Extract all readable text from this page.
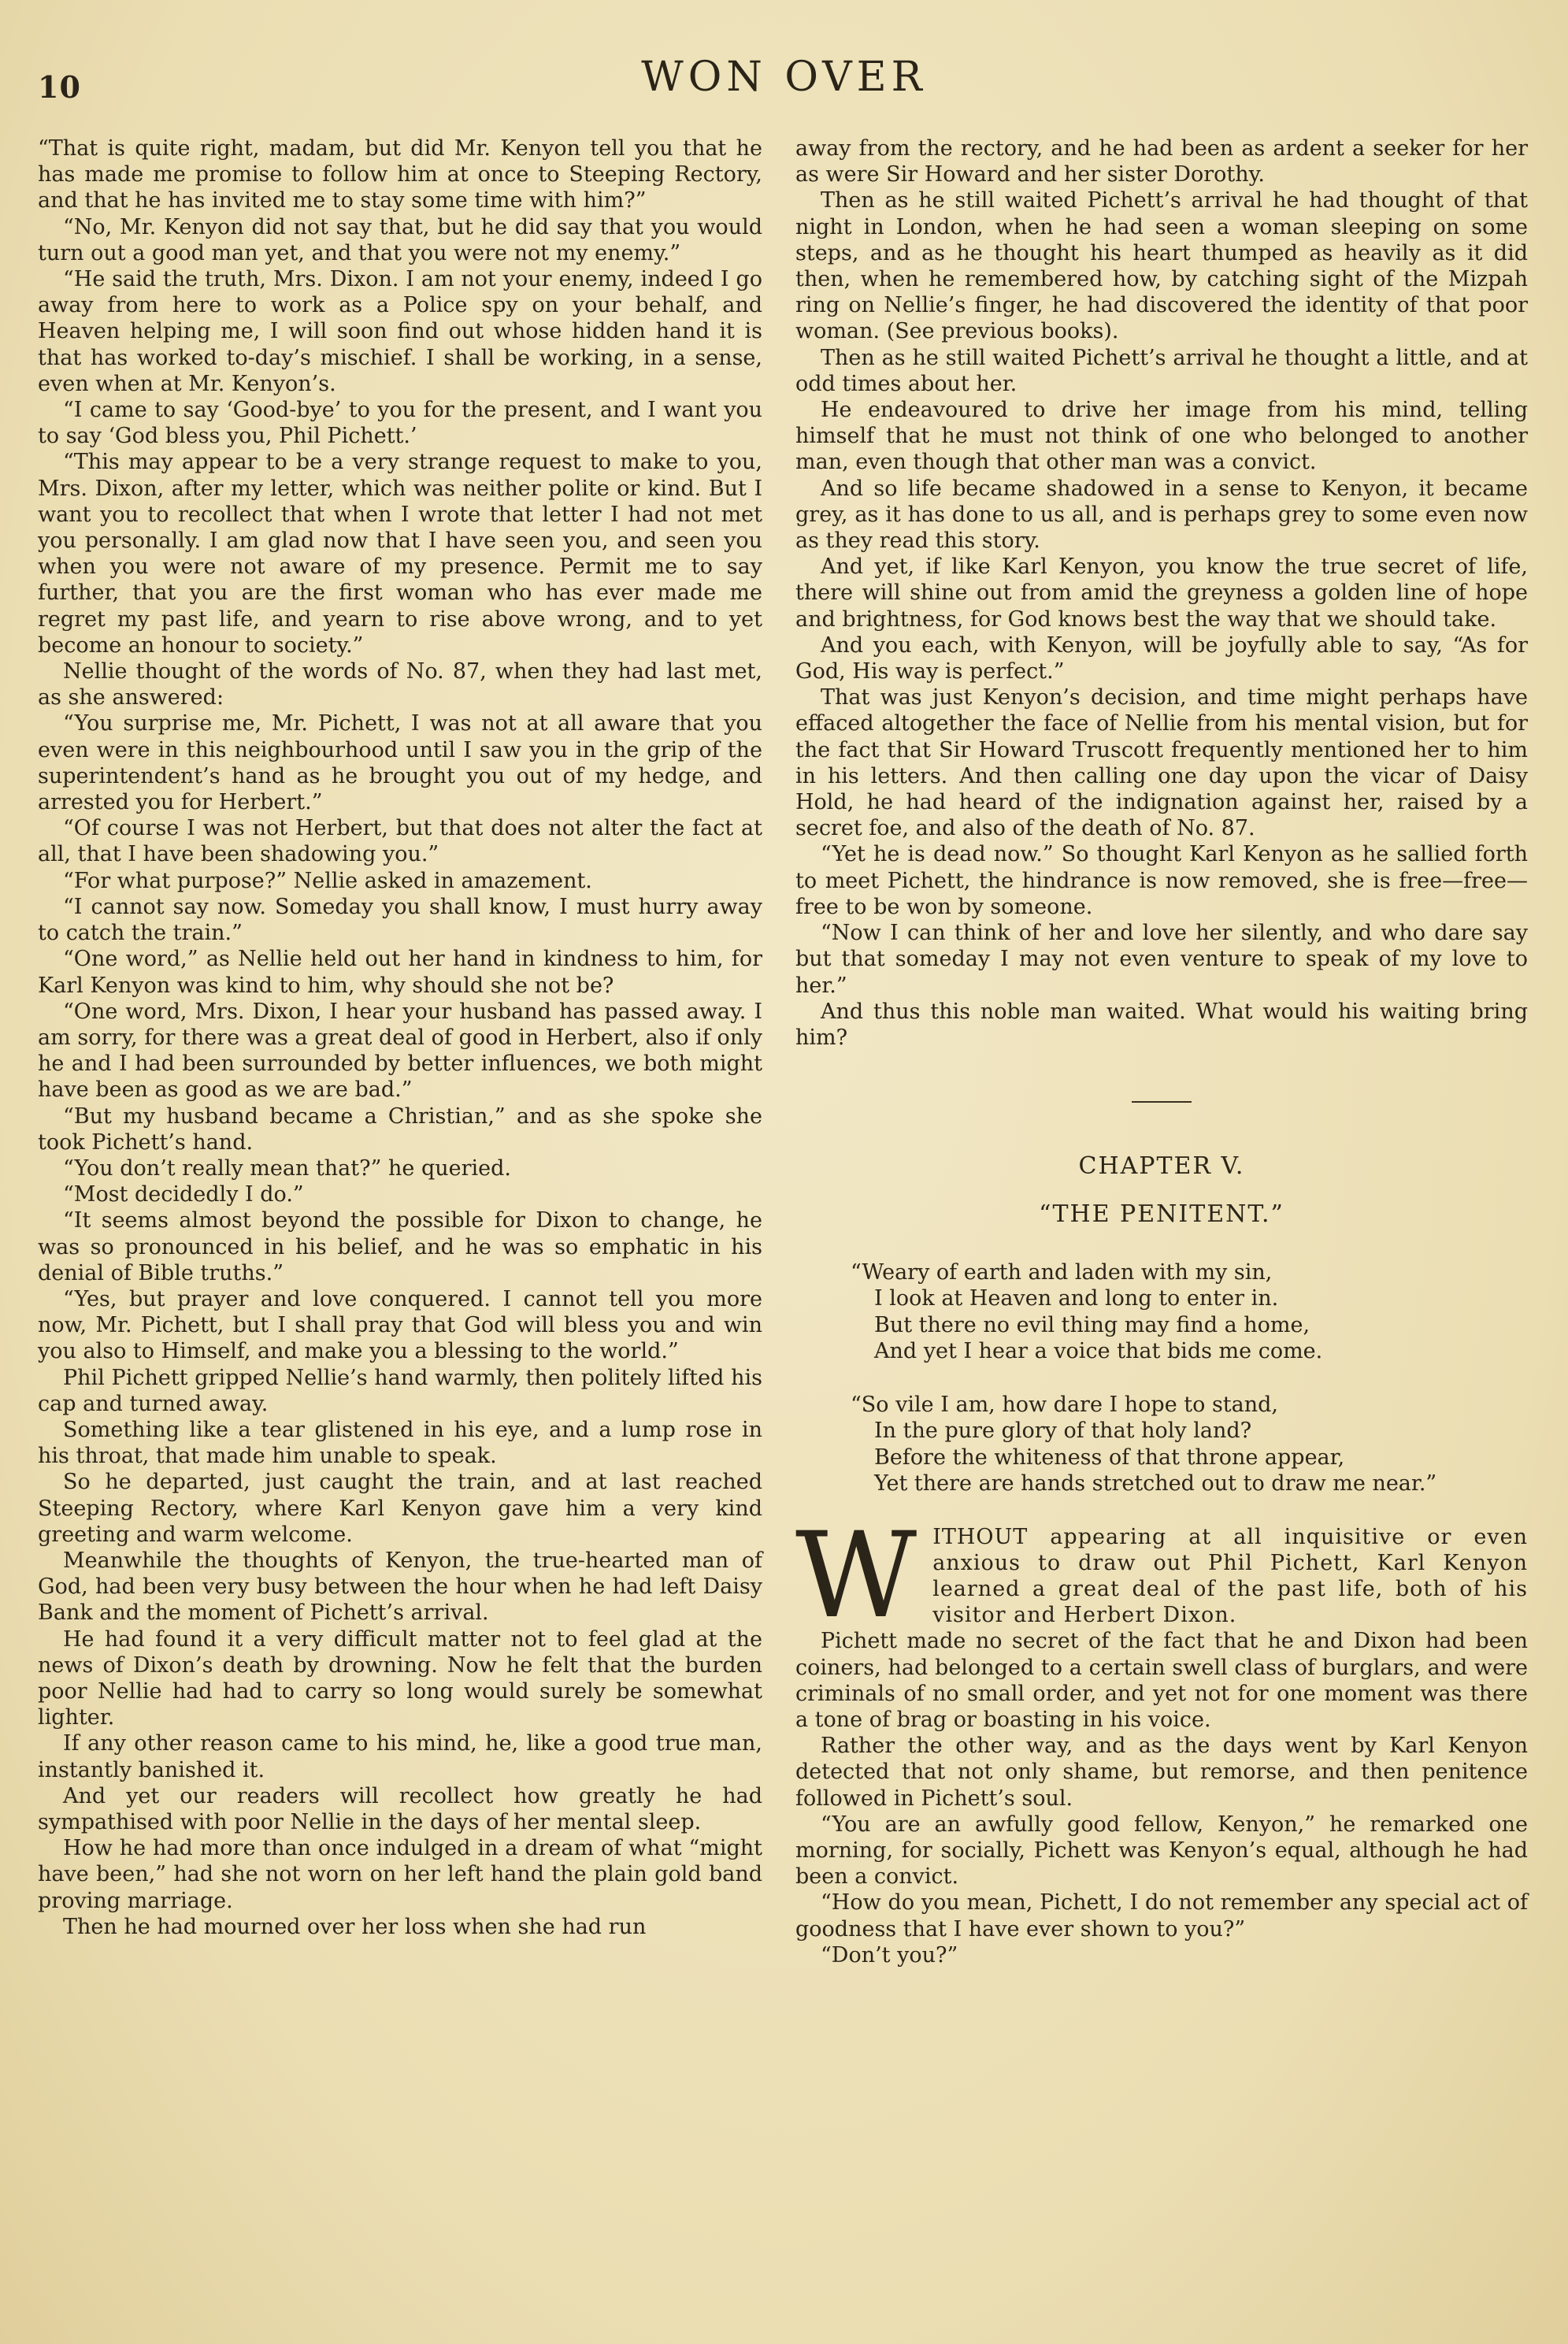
10	WON OVER

“That is quite right, madam, but did Mr. Kenyon tell you that he has made me promise to follow him at once to Steeping Rectory, and that he has invited me to stay some time with him?”

“No, Mr. Kenyon did not say that, but he did say that you would turn out a good man yet, and that you were not my enemy.”

“He said the truth, Mrs. Dixon. I am not your enemy, indeed I go away from here to work as a Police spy on your behalf, and Heaven helping me, I will soon find out whose hidden hand it is that has worked to-day’s mischief. I shall be working, in a sense, even when at Mr. Kenyon’s.

“I came to say ‘Good-bye’ to you for the present, and I want you to say ‘God bless you, Phil Pichett.’

“This may appear to be a very strange request to make to you, Mrs. Dixon, after my letter, which was neither polite or kind. But I want you to recollect that when I wrote that letter I had not met you personally. I am glad now that I have seen you, and seen you when you were not aware of my presence. Permit me to say further, that you are the first woman who has ever made me regret my past life, and yearn to rise above wrong, and to yet become an honour to society.”

Nellie thought of the words of No. 87, when they had last met, as she answered:

“You surprise me, Mr. Pichett, I was not at all aware that you even were in this neighbourhood until I saw you in the grip of the superintendent’s hand as he brought you out of my hedge, and arrested you for Herbert.”

“Of course I was not Herbert, but that does not alter the fact at all, that I have been shadowing you.”

“For what purpose?” Nellie asked in amazement.

“I cannot say now. Someday you shall know, I must hurry away to catch the train.”

“One word,” as Nellie held out her hand in kindness to him, for Karl Kenyon was kind to him, why should she not be?

“One word, Mrs. Dixon, I hear your husband has passed away. I am sorry, for there was a great deal of good in Herbert, also if only he and I had been surrounded by better influences, we both might have been as good as we are bad.”

“But my husband became a Christian,” and as she spoke she took Pichett’s hand.

“You don’t really mean that?” he queried.

“Most decidedly I do.”

“It seems almost beyond the possible for Dixon to change, he was so pronounced in his belief, and he was so emphatic in his denial of Bible truths.”

“Yes, but prayer and love conquered. I cannot tell you more now, Mr. Pichett, but I shall pray that God will bless you and win you also to Himself, and make you a blessing to the world.”

Phil Pichett gripped Nellie’s hand warmly, then politely lifted his cap and turned away.

Something like a tear glistened in his eye, and a lump rose in his throat, that made him unable to speak.

So he departed, just caught the train, and at last reached Steeping Rectory, where Karl Kenyon gave him a very kind greeting and warm welcome.

Meanwhile the thoughts of Kenyon, the true-hearted man of God, had been very busy between the hour when he had left Daisy Bank and the moment of Pichett’s arrival.

He had found it a very difficult matter not to feel glad at the news of Dixon’s death by drowning. Now he felt that the burden poor Nellie had had to carry so long would surely be somewhat lighter.

If any other reason came to his mind, he, like a good true man, instantly banished it.

And yet our readers will recollect how greatly he had sympathised with poor Nellie in the days of her mental sleep.

How he had more than once indulged in a dream of what “might have been,” had she not worn on her left hand the plain gold band proving marriage.

Then he had mourned over her loss when she had run

away from the rectory, and he had been as ardent a seeker for her as were Sir Howard and her sister Dorothy.

Then as he still waited Pichett’s arrival he had thought of that night in London, when he had seen a woman sleeping on some steps, and as he thought his heart thumped as heavily as it did then, when he remembered how, by catching sight of the Mizpah ring on Nellie’s finger, he had discovered the identity of that poor woman. (See previous books).

Then as he still waited Pichett’s arrival he thought a little, and at odd times about her.

He endeavoured to drive her image from his mind, telling himself that he must not think of one who belonged to another man, even though that other man was a convict.

And so life became shadowed in a sense to Kenyon, it became grey, as it has done to us all, and is perhaps grey to some even now as they read this story.

And yet, if like Karl Kenyon, you know the true secret of life, there will shine out from amid the greyness a golden line of hope and brightness, for God knows best the way that we should take.

And you each, with Kenyon, will be joyfully able to say, “As for God, His way is perfect.”

That was just Kenyon’s decision, and time might perhaps have effaced altogether the face of Nellie from his mental vision, but for the fact that Sir Howard Truscott frequently mentioned her to him in his letters. And then calling one day upon the vicar of Daisy Hold, he had heard of the indignation against her, raised by a secret foe, and also of the death of No. 87.

“Yet he is dead now.” So thought Karl Kenyon as he sallied forth to meet Pichett, the hindrance is now removed, she is free—free—free to be won by someone.

“Now I can think of her and love her silently, and who dare say but that someday I may not even venture to speak of my love to her.”

And thus this noble man waited. What would his waiting bring him?

CHAPTER V.
“THE PENITENT.”
“Weary of earth and laden with my sin,
I look at Heaven and long to enter in.
But there no evil thing may find a home,
And yet I hear a voice that bids me come.
“So vile I am, how dare I hope to stand,
In the pure glory of that holy land?
Before the whiteness of that throne appear,
Yet there are hands stretched out to draw me near.”

WITHOUT appearing at all inquisitive or even anxious to draw out Phil Pichett, Karl Kenyon learned a great deal of the past life, both of his visitor and Herbert Dixon.

Pichett made no secret of the fact that he and Dixon had been coiners, had belonged to a certain swell class of burglars, and were criminals of no small order, and yet not for one moment was there a tone of brag or boasting in his voice.

Rather the other way, and as the days went by Karl Kenyon detected that not only shame, but remorse, and then penitence followed in Pichett’s soul.

“You are an awfully good fellow, Kenyon,” he remarked one morning, for socially, Pichett was Kenyon’s equal, although he had been a convict.

“How do you mean, Pichett, I do not remember any special act of goodness that I have ever shown to you?”

“Don’t you?”
